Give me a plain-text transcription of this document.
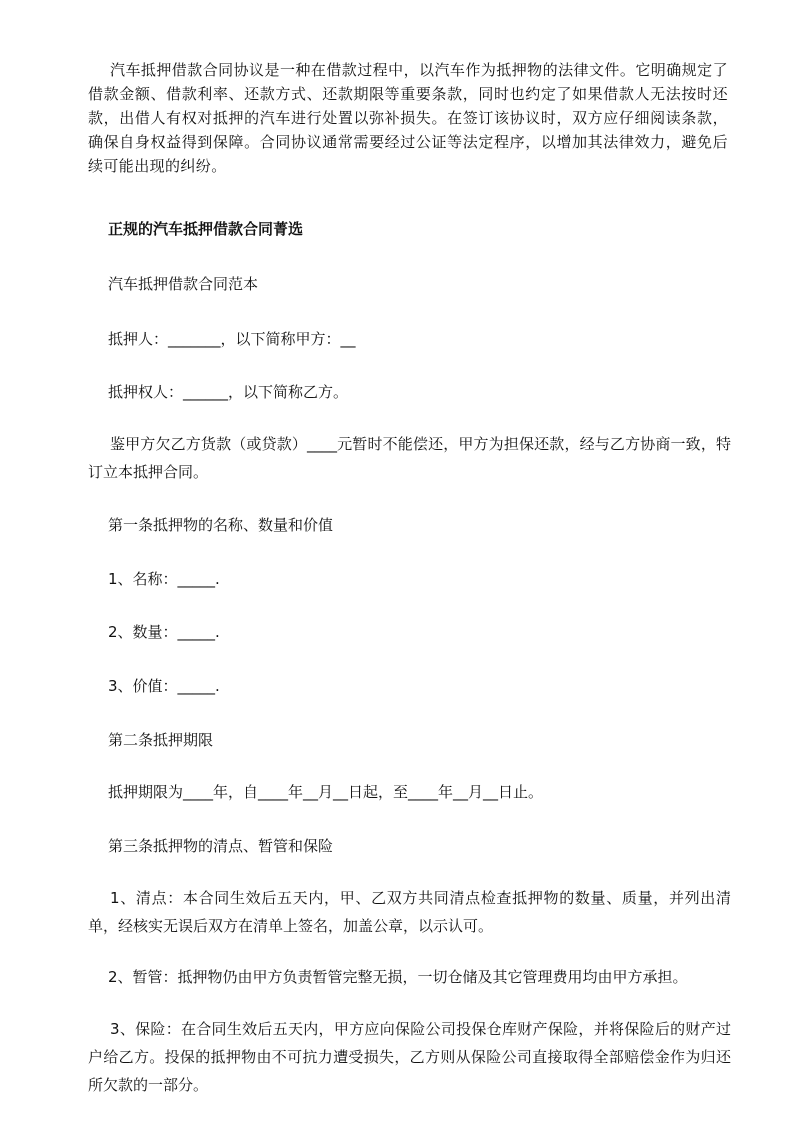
汽车抵押借款合同协议是一种在借款过程中，以汽车作为抵押物的法律文件。它明确规定了借款金额、借款利率、还款方式、还款期限等重要条款，同时也约定了如果借款人无法按时还款，出借人有权对抵押的汽车进行处置以弥补损失。在签订该协议时，双方应仔细阅读条款，确保自身权益得到保障。合同协议通常需要经过公证等法定程序，以增加其法律效力，避免后续可能出现的纠纷。
正规的汽车抵押借款合同菁选
汽车抵押借款合同范本
抵押人：_______，以下简称甲方：__
抵押权人：______，以下简称乙方。
鉴甲方欠乙方货款（或贷款）____元暂时不能偿还，甲方为担保还款，经与乙方协商一致，特订立本抵押合同。
第一条抵押物的名称、数量和价值
1、名称：_____.
2、数量：_____.
3、价值：_____.
第二条抵押期限
抵押期限为____年，自____年__月__日起，至____年__月__日止。
第三条抵押物的清点、暂管和保险
1、清点：本合同生效后五天内，甲、乙双方共同清点检查抵押物的数量、质量，并列出清单，经核实无误后双方在清单上签名，加盖公章，以示认可。
2、暂管：抵押物仍由甲方负责暂管完整无损，一切仓储及其它管理费用均由甲方承担。
3、保险：在合同生效后五天内，甲方应向保险公司投保仓库财产保险，并将保险后的财产过户给乙方。投保的抵押物由不可抗力遭受损失，乙方则从保险公司直接取得全部赔偿金作为归还所欠款的一部分。
